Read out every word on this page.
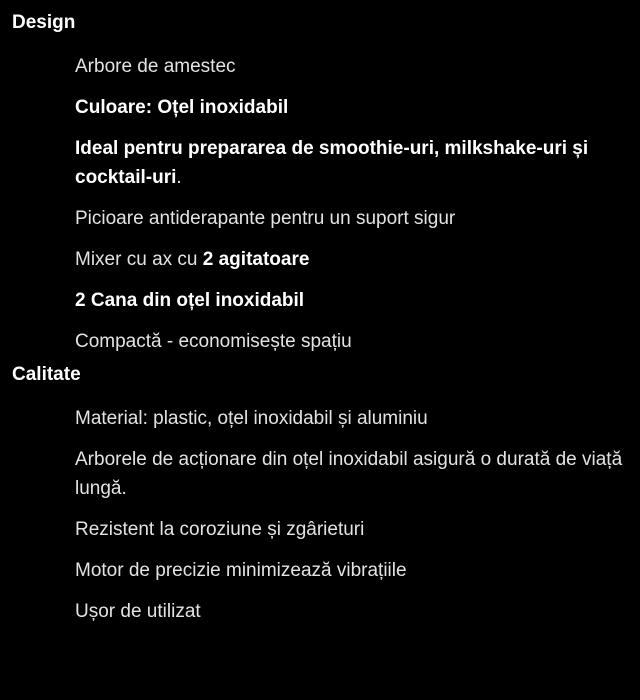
Design
Arbore de amestec
Culoare: Oțel inoxidabil
Ideal pentru prepararea de smoothie-uri, milkshake-uri și cocktail-uri.
Picioare antiderapante pentru un suport sigur
Mixer cu ax cu 2 agitatoare
2 Cana din oțel inoxidabil
Compactă - economisește spațiu
Calitate
Material: plastic, oțel inoxidabil și aluminiu
Arborele de acționare din oțel inoxidabil asigură o durată de viață lungă.
Rezistent la coroziune și zgârieturi
Motor de precizie minimizează vibrațiile
Ușor de utilizat
